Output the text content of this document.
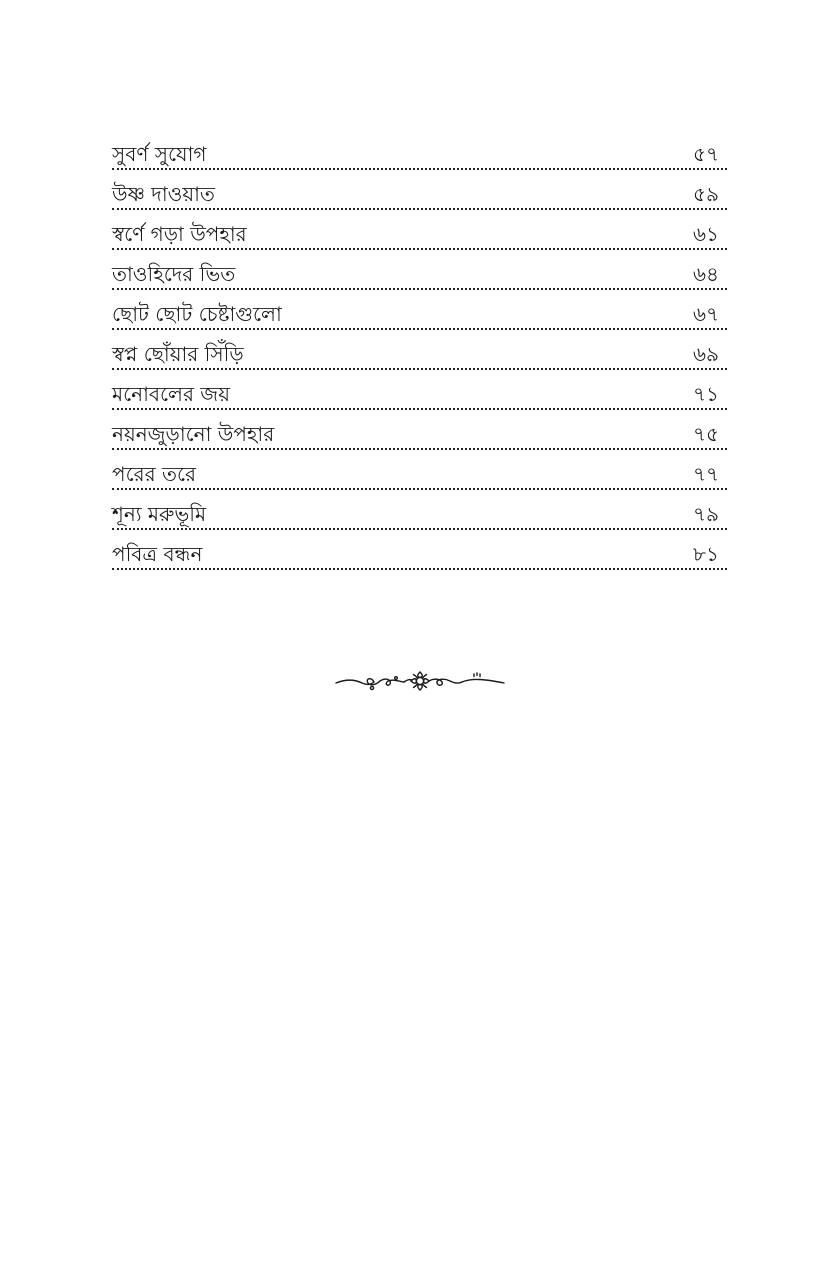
সুবর্ণ সুযোগ	৫৭
উষ্ণ দাওয়াত	৫৯
স্বর্ণে গড়া উপহার	৬১
তাওহিদের ভিত	৬৪
ছোট ছোট চেষ্টাগুলো	৬৭
স্বপ্ন ছোঁয়ার সিঁড়ি	৬৯
মনোবলের জয়	৭১
নয়নজুড়ানো উপহার	৭৫
পরের তরে	৭৭
শূন্য মরুভূমি	৭৯
পবিত্র বন্ধন	৮১
